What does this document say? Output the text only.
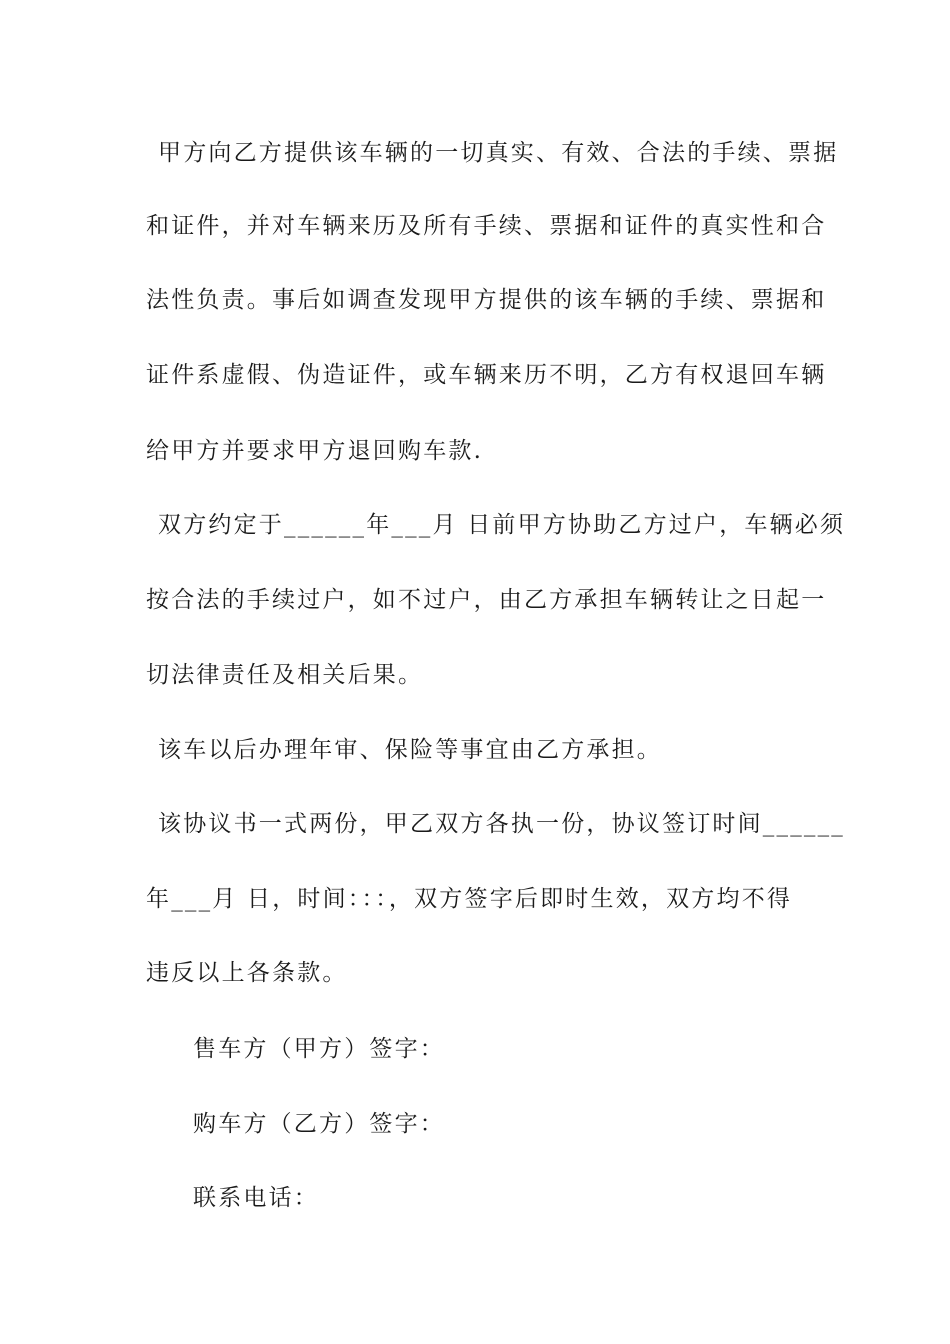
甲方向乙方提供该车辆的一切真实、有效、合法的手续、票据
和证件，并对车辆来历及所有手续、票据和证件的真实性和合
法性负责。事后如调查发现甲方提供的该车辆的手续、票据和
证件系虚假、伪造证件，或车辆来历不明，乙方有权退回车辆
给甲方并要求甲方退回购车款.
双方约定于______年___月 日前甲方协助乙方过户，车辆必须
按合法的手续过户，如不过户，由乙方承担车辆转让之日起一
切法律责任及相关后果。
该车以后办理年审、保险等事宜由乙方承担。
该协议书一式两份，甲乙双方各执一份，协议签订时间______
年___月 日，时间：：：，双方签字后即时生效，双方均不得
违反以上各条款。
售车方（甲方）签字：
购车方（乙方）签字：
联系电话：
